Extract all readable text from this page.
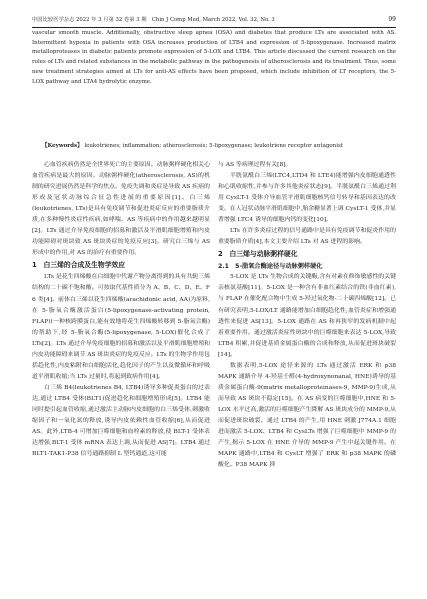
中国比较医学杂志 2022 年 3 月第 32 卷第 3 期　Chin J Comp Med, March 2022, Vol. 32, No. 3	99

vascular smooth muscle. Additionally, obstructive sleep apnea (OSA) and diabetes that produce LTs are associated with AS. Intermittent hypoxia in patients with OSA increases production of LTB4 and expression of 5-lipoxygenase. Increased matrix metalloproteases in diabetic patients promote expression of 5-LOX and LTB4. This article discussed the current research on the roles of LTs and related substances in the metabolic pathway in the pathogenesis of atherosclerosis and its treatment. Thus, some new treatment strategies aimed at LTs for anti-AS effects have been proposed, which include inhibition of LT receptors, the 5-LOX pathway and LTA4 hydrolytic enzyme.

【Keywords】 leukotrienes; inflammation; atherosclerosis; 5-lipoxygenase; leukotriene receptor antagonist

心血管疾病仍然是全世界死亡的主要原因。动脉粥样硬化相关心血管疾病是最大的原因。动脉粥样硬化(atherosclerosis, AS)的机制的研究进展仍然是科学的焦点。免疫失调和炎症是导致 AS 疾病的形成及冠状动脉综合征急性进展的重要原因[1]。白三烯(leukotrienes, LTs)是具有免疫调节和促进炎症反应的重要脂质介质,在多种慢性炎症性疾病,如哮喘、AS 等疾病中的作用越来越明显[2]。LTs 通过介导免疫细胞的招募和激活及平滑肌细胞增殖和内皮功能障碍对斑块致 AS 斑块炎症的免疫反应[3]。研究白三烯与 AS 形成中的作用,对 AS 的治疗有重要作用。

1　白三烯的合成及生物学效应

LTs 是花生四烯酸在白细胞中代谢产物分离得到的具有共轭三烯结构的二十碳不饱和酸。可按取代基性质分为 A、B、C、D、E、F 6 类[4]。前体白三烯以花生四烯酸(arachidonic acid, AA)为原料,在 5-脂氧合酶激活蛋白(5-lipoxygenase-activating protein, FLAP)(一种核跨膜蛋白,能有效地将花生四烯酸转移到 5-脂氧合酶)的帮助下,经 5-脂氧合酶(5-lipoxygenase, 5-LOX)催化合成了 LTs[2]。LTs 通过介导免疫细胞的招募和激活以及平滑肌细胞增殖和内皮功能障碍来调节 AS 斑块炎症的免疫反应。LTs 的生物学作用包括趋化性,内皮粘附和白细胞活化,趋化因子的产生以及微循环和呼吸道平滑肌收缩;当 LTs 过量时,将起到致病作用[4]。

白三烯 B4(leukotrienes B4, LTB4)诱导多种促炎蛋白的过表达,通过 LTB4 受体(BLT1)促进趋化和细胞增殖形成[5]。LTB4 能同时提引起血管收缩,通过激活主动脉内皮细胞的白三烯受体,刺激收缩因子和一氧化氮的释放,诱导内皮依赖性血管收缩[6],从而促进 AS。此外,LTB-4 可增加巨噬细胞和血栓素的释放,使 BLT-1 受体表达增强,BLT-1 受体 mRNA 表达上调,从而促进 AS[7]。LTB4 通过 BLT1-TAK1-P38 信号通路抑制 L 型钙通道,这可能

与 AS 等病理过程有关[8]。

半胱氨酰白三烯(LTC4,LTD4 和 LTE4)能增强内皮细胞通透性和心肌收缩性,并参与许多其他炎症状态[9]。半胱氨酰白三烯通过利用 CysLT-1 受体介导血管平滑肌细胞核钙信号转导和基因表达的改变。在人冠状动脉平滑肌细胞中,胎余糖显著上调 CysLT-1 受体,并显著增强 LTC4 诱导的细胞内钙的变化[10]。

LTs 在许多炎症过程的信号通路中是具有免疫调节和促炎作用的重要脂质介质[4],本文主要介绍 LTs 对 AS 进程的影响。

2　白三烯与动脉粥样硬化
2.1　5-脂氧合酶途径与动脉粥样硬化

5-LOX 是 LTs 生物合成的关键酶,含有对素在修饰敏感性的关键亲核氨基酸[11]。5-LOX 是一种含有非血红素结合的铁(非血红素),与 FLAP 在催化配合物中生成 5-羟过氧化物-二十碳四烯酸[12]。已有研究表明,5-LOX/LT 通路能增加白细胞趋化性,血管炎症和增强通透性来促进 AS[13]。5-LOX 通路在 AS 和再狭窄的发病机制中起着重要作用。通过激活炎症性斑块中的巨噬细胞来表达 5-LOX,导致 LTB4 积累,并促进基质金属蛋白酶的合成和释放,从而促进斑块破裂[14]。

数据表明,5-LOX 途径来源的 LTs 通过激活 ERK 和 p38 MAPK 通路介导 4-羟基壬醛(4-hydroxynonanal, HNE)诱导的基质金属蛋白酶-9(matrix metalloproteinases-9, MMP-9)生成,从而导致 AS 斑块不稳定[15]。在 AS 病变的巨噬细胞中,HNE 和 5-LOX 水平过高,激活的巨噬细胞产生降解 AS 斑块成分的 MMP-9,从而促进斑块破裂。通过 LTB4 的产生,用 HNE 刺激 J774A.1 细胞进而激活 5-LOX、LTB4 和 CysLTs 增强了巨噬细胞中 MMP-9 的产生,揭示 5-LOX 在 HNE 介导的 MMP-9 产生中起关键作用。在 MAPK 通路中,LTB4 和 CysLT 增强了 ERK 和 p38 MAPK 的磷酸化。P38 MAPK 抑
